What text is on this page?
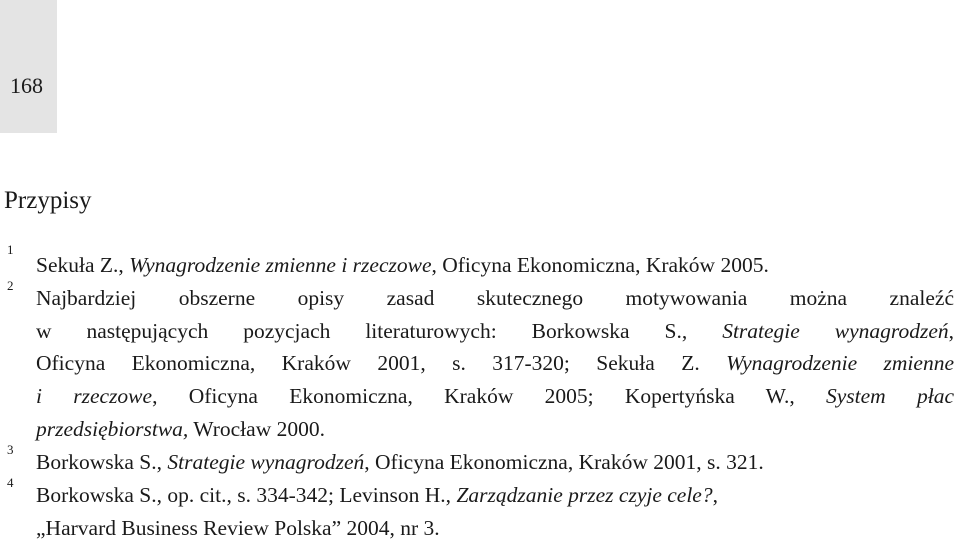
168
Przypisy
1
2
3
4
Sekuła Z., Wynagrodzenie zmienne i rzeczowe, Oficyna Ekonomiczna, Kraków 2005.
Najbardziej obszerne opisy zasad skutecznego motywowania można znaleźć
w następujących pozycjach literaturowych: Borkowska S., Strategie wynagrodzeń,
Oficyna Ekonomiczna, Kraków 2001, s. 317-320; Sekuła Z. Wynagrodzenie zmienne
i rzeczowe, Oficyna Ekonomiczna, Kraków 2005; Kopertyńska W., System płac
przedsiębiorstwa, Wrocław 2000.
Borkowska S., Strategie wynagrodzeń, Oficyna Ekonomiczna, Kraków 2001, s. 321.
Borkowska S., op. cit., s. 334-342; Levinson H., Zarządzanie przez czyje cele?,
„Harvard Business Review Polska” 2004, nr 3.
